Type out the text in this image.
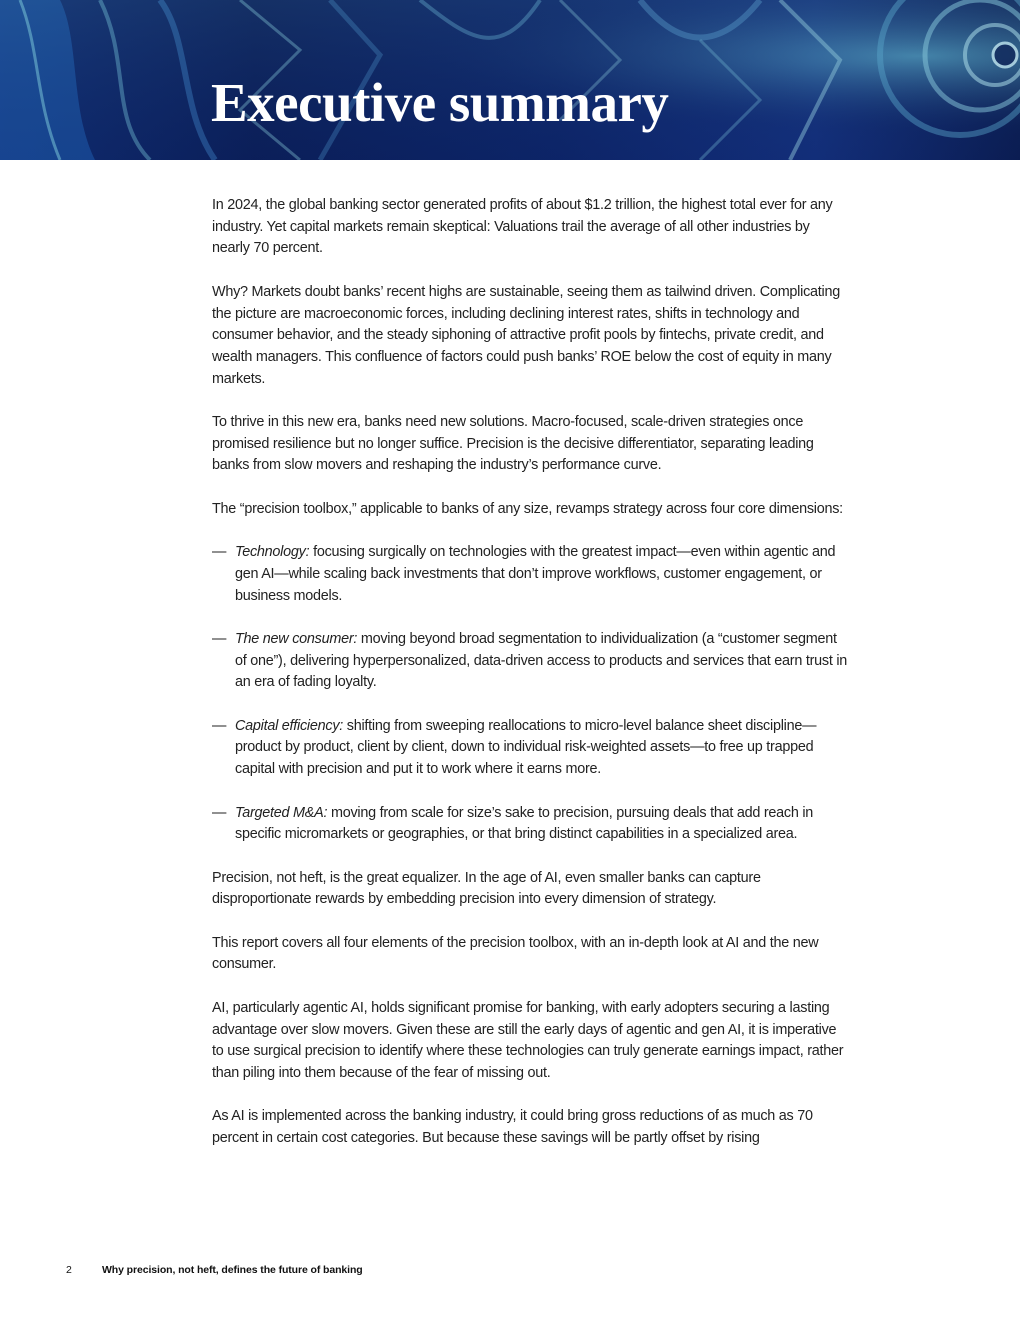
Executive summary

In 2024, the global banking sector generated profits of about $1.2 trillion, the highest total ever for any industry. Yet capital markets remain skeptical: Valuations trail the average of all other industries by nearly 70 percent.

Why? Markets doubt banks’ recent highs are sustainable, seeing them as tailwind driven. Complicating the picture are macroeconomic forces, including declining interest rates, shifts in technology and consumer behavior, and the steady siphoning of attractive profit pools by fintechs, private credit, and wealth managers. This confluence of factors could push banks’ ROE below the cost of equity in many markets.

To thrive in this new era, banks need new solutions. Macro-focused, scale-driven strategies once promised resilience but no longer suffice. Precision is the decisive differentiator, separating leading banks from slow movers and reshaping the industry’s performance curve.

The “precision toolbox,” applicable to banks of any size, revamps strategy across four core dimensions:

— Technology: focusing surgically on technologies with the greatest impact—even within agentic and gen AI—while scaling back investments that don’t improve workflows, customer engagement, or business models.
— The new consumer: moving beyond broad segmentation to individualization (a “customer segment of one”), delivering hyperpersonalized, data-driven access to products and services that earn trust in an era of fading loyalty.
— Capital efficiency: shifting from sweeping reallocations to micro-level balance sheet discipline—product by product, client by client, down to individual risk-weighted assets—to free up trapped capital with precision and put it to work where it earns more.
— Targeted M&A: moving from scale for size’s sake to precision, pursuing deals that add reach in specific micromarkets or geographies, or that bring distinct capabilities in a specialized area.

Precision, not heft, is the great equalizer. In the age of AI, even smaller banks can capture disproportionate rewards by embedding precision into every dimension of strategy.

This report covers all four elements of the precision toolbox, with an in-depth look at AI and the new consumer.

AI, particularly agentic AI, holds significant promise for banking, with early adopters securing a lasting advantage over slow movers. Given these are still the early days of agentic and gen AI, it is imperative to use surgical precision to identify where these technologies can truly generate earnings impact, rather than piling into them because of the fear of missing out.

As AI is implemented across the banking industry, it could bring gross reductions of as much as 70 percent in certain cost categories. But because these savings will be partly offset by rising

2	Why precision, not heft, defines the future of banking
